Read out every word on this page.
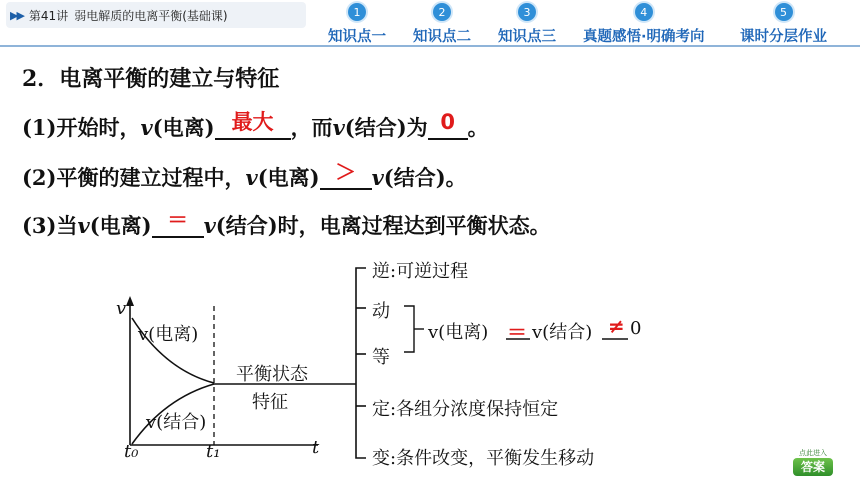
▶▶ 第41讲 弱电解质的电离平衡(基础课)	1
知识点一
2
知识点二
3
知识点三
4
真题感悟·明确考向
5
课时分层作业
2．电离平衡的建立与特征
(1)开始时，v(电离) 最大 ，而v(结合)为 0 。
(2)平衡的建立过程中，v(电离) ＞ v(结合)。
(3)当v(电离) ＝ v(结合)时，电离过程达到平衡状态。
v
v(电离)
v(结合)
t₀	t₁	t
平衡状态
特征
逆:可逆过程
动
等
v(电离) ＝ v(结合) ≠ 0
定:各组分浓度保持恒定
变:条件改变，平衡发生移动	点此进入
答案
